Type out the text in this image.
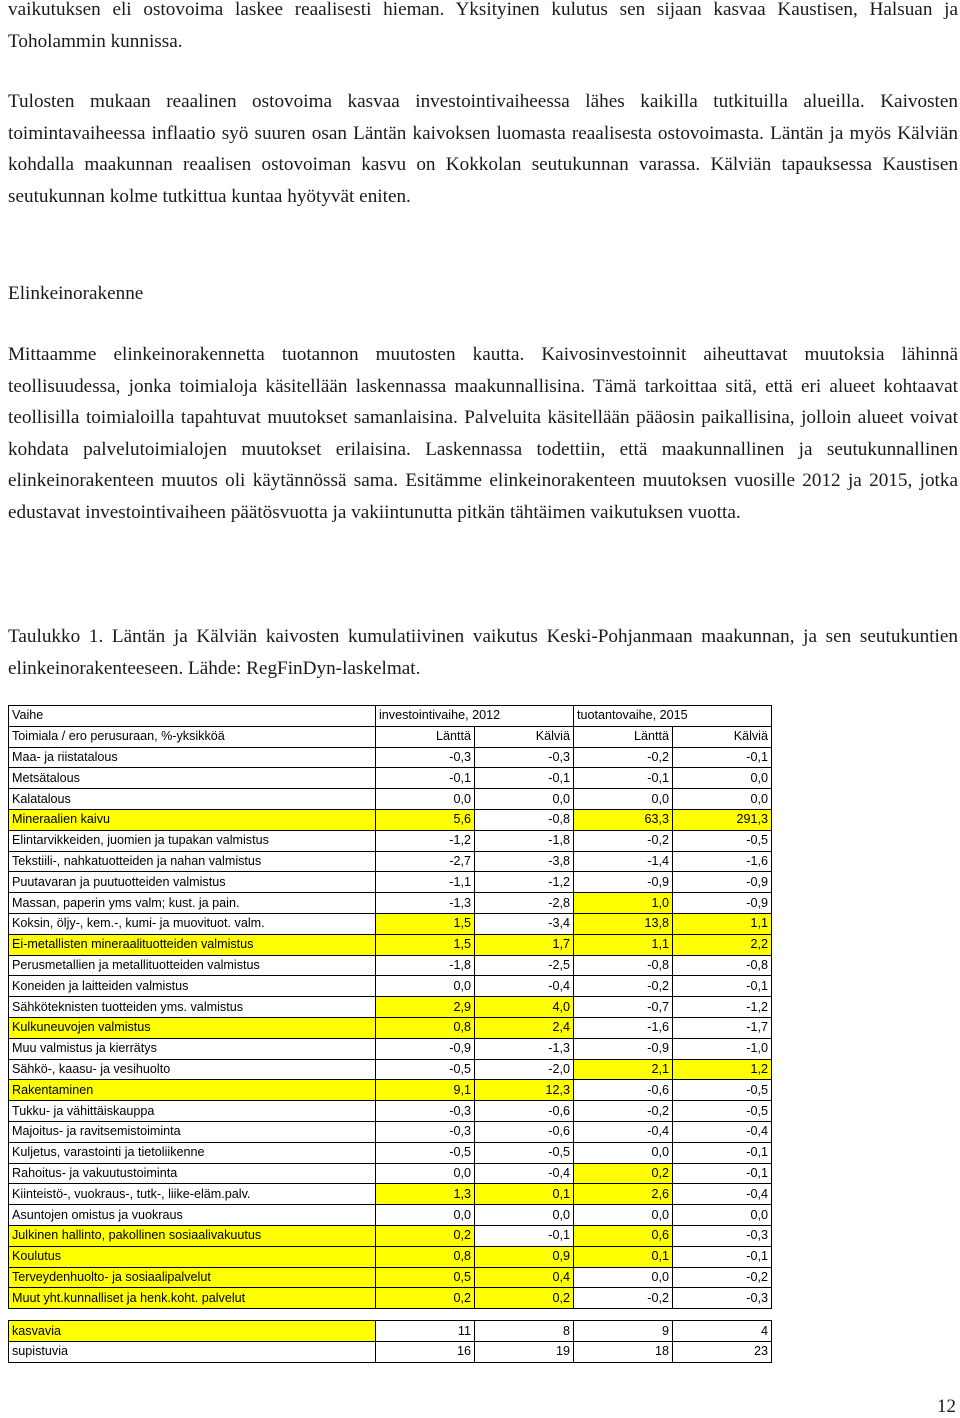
vaikutuksen eli ostovoima laskee reaalisesti hieman. Yksityinen kulutus sen sijaan kasvaa Kaustisen, Halsuan ja Toholammin kunnissa.

Tulosten mukaan reaalinen ostovoima kasvaa investointivaiheessa lähes kaikilla tutkituilla alueilla. Kaivosten toimintavaiheessa inflaatio syö suuren osan Läntän kaivoksen luomasta reaalisesta ostovoimasta. Läntän ja myös Kälviän kohdalla maakunnan reaalisen ostovoiman kasvu on Kokkolan seutukunnan varassa. Kälviän tapauksessa Kaustisen seutukunnan kolme tutkittua kuntaa hyötyvät eniten.

Elinkeinorakenne

Mittaamme elinkeinorakennetta tuotannon muutosten kautta. Kaivosinvestoinnit aiheuttavat muutoksia lähinnä teollisuudessa, jonka toimialoja käsitellään laskennassa maakunnallisina. Tämä tarkoittaa sitä, että eri alueet kohtaavat teollisilla toimialoilla tapahtuvat muutokset samanlaisina. Palveluita käsitellään pääosin paikallisina, jolloin alueet voivat kohdata palvelutoimialojen muutokset erilaisina. Laskennassa todettiin, että maakunnallinen ja seutukunnallinen elinkeinorakenteen muutos oli käytännössä sama. Esitämme elinkeinorakenteen muutoksen vuosille 2012 ja 2015, jotka edustavat investointivaiheen päätösvuotta ja vakiintunutta pitkän tähtäimen vaikutuksen vuotta.

Taulukko 1. Läntän ja Kälviän kaivosten kumulatiivinen vaikutus Keski-Pohjanmaan maakunnan, ja sen seutukuntien elinkeinorakenteeseen. Lähde: RegFinDyn-laskelmat.

Vaihe	investointivaihe, 2012		tuotantovaihe, 2015	
Toimiala / ero perusuraan, %-yksikköä	Länttä	Kälviä	Länttä	Kälviä
Maa- ja riistatalous	-0,3	-0,3	-0,2	-0,1
Metsätalous	-0,1	-0,1	-0,1	0,0
Kalatalous	0,0	0,0	0,0	0,0
Mineraalien kaivu	5,6	-0,8	63,3	291,3
Elintarvikkeiden, juomien ja tupakan valmistus	-1,2	-1,8	-0,2	-0,5
Tekstiili-, nahkatuotteiden ja nahan valmistus	-2,7	-3,8	-1,4	-1,6
Puutavaran ja puutuotteiden valmistus	-1,1	-1,2	-0,9	-0,9
Massan, paperin yms valm; kust. ja pain.	-1,3	-2,8	1,0	-0,9
Koksin, öljy-, kem.-, kumi- ja muovituot. valm.	1,5	-3,4	13,8	1,1
Ei-metallisten mineraalituotteiden valmistus	1,5	1,7	1,1	2,2
Perusmetallien ja metallituotteiden valmistus	-1,8	-2,5	-0,8	-0,8
Koneiden ja laitteiden valmistus	0,0	-0,4	-0,2	-0,1
Sähköteknisten tuotteiden yms. valmistus	2,9	4,0	-0,7	-1,2
Kulkuneuvojen valmistus	0,8	2,4	-1,6	-1,7
Muu valmistus ja kierrätys	-0,9	-1,3	-0,9	-1,0
Sähkö-, kaasu- ja vesihuolto	-0,5	-2,0	2,1	1,2
Rakentaminen	9,1	12,3	-0,6	-0,5
Tukku- ja vähittäiskauppa	-0,3	-0,6	-0,2	-0,5
Majoitus- ja ravitsemistoiminta	-0,3	-0,6	-0,4	-0,4
Kuljetus, varastointi ja tietoliikenne	-0,5	-0,5	0,0	-0,1
Rahoitus- ja vakuutustoiminta	0,0	-0,4	0,2	-0,1
Kiinteistö-, vuokraus-, tutk-, liike-eläm.palv.	1,3	0,1	2,6	-0,4
Asuntojen omistus ja vuokraus	0,0	0,0	0,0	0,0
Julkinen hallinto, pakollinen sosiaalivakuutus	0,2	-0,1	0,6	-0,3
Koulutus	0,8	0,9	0,1	-0,1
Terveydenhuolto- ja sosiaalipalvelut	0,5	0,4	0,0	-0,2
Muut yht.kunnalliset ja henk.koht. palvelut	0,2	0,2	-0,2	-0,3

kasvavia	11	8	9	4
supistuvia	16	19	18	23
12
